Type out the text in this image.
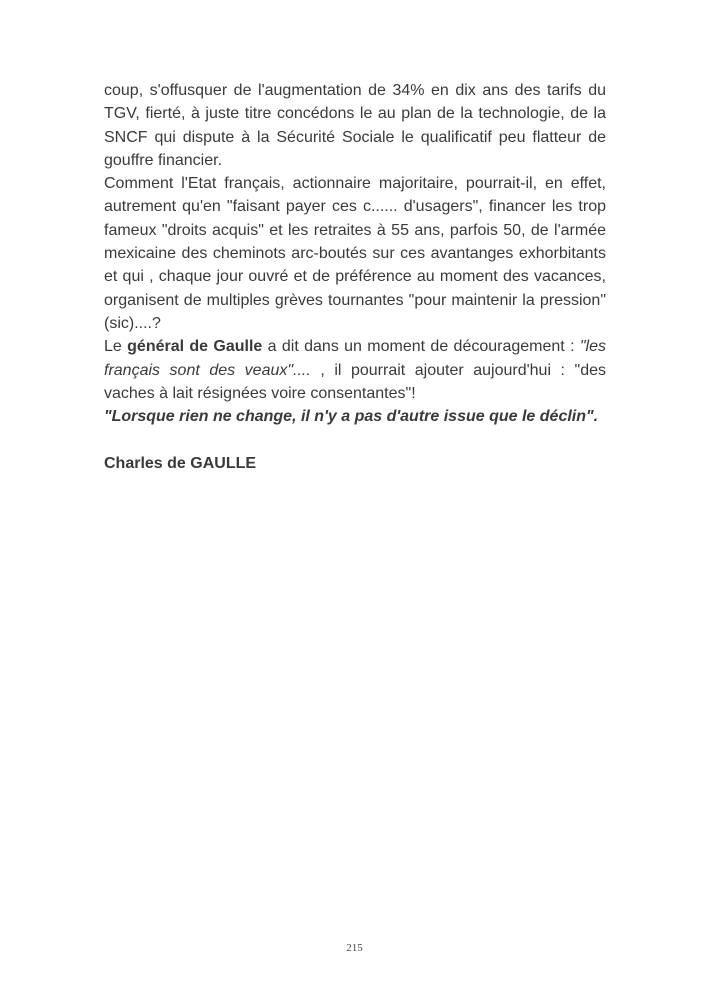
coup, s'offusquer de l'augmentation de 34% en dix ans des tarifs du TGV, fierté, à juste titre concédons le au plan de la technologie, de la SNCF qui dispute à la Sécurité Sociale le qualificatif peu flatteur de gouffre financier.

Comment l'Etat français, actionnaire majoritaire, pourrait-il, en effet, autrement qu'en "faisant payer ces c...... d'usagers", financer les trop fameux "droits acquis" et les retraites à 55 ans, parfois 50, de l'armée mexicaine des cheminots arc-boutés sur ces avantanges exhorbitants et qui , chaque jour ouvré et de préférence au moment des vacances, organisent de multiples grèves tournantes "pour maintenir la pression"(sic)....?

Le général de Gaulle a dit dans un moment de découragement : "les français sont des veaux".... , il pourrait ajouter aujourd'hui : "des vaches à lait résignées voire consentantes"!

"Lorsque rien ne change, il n'y a pas d'autre issue que le déclin".

Charles de GAULLE

215
